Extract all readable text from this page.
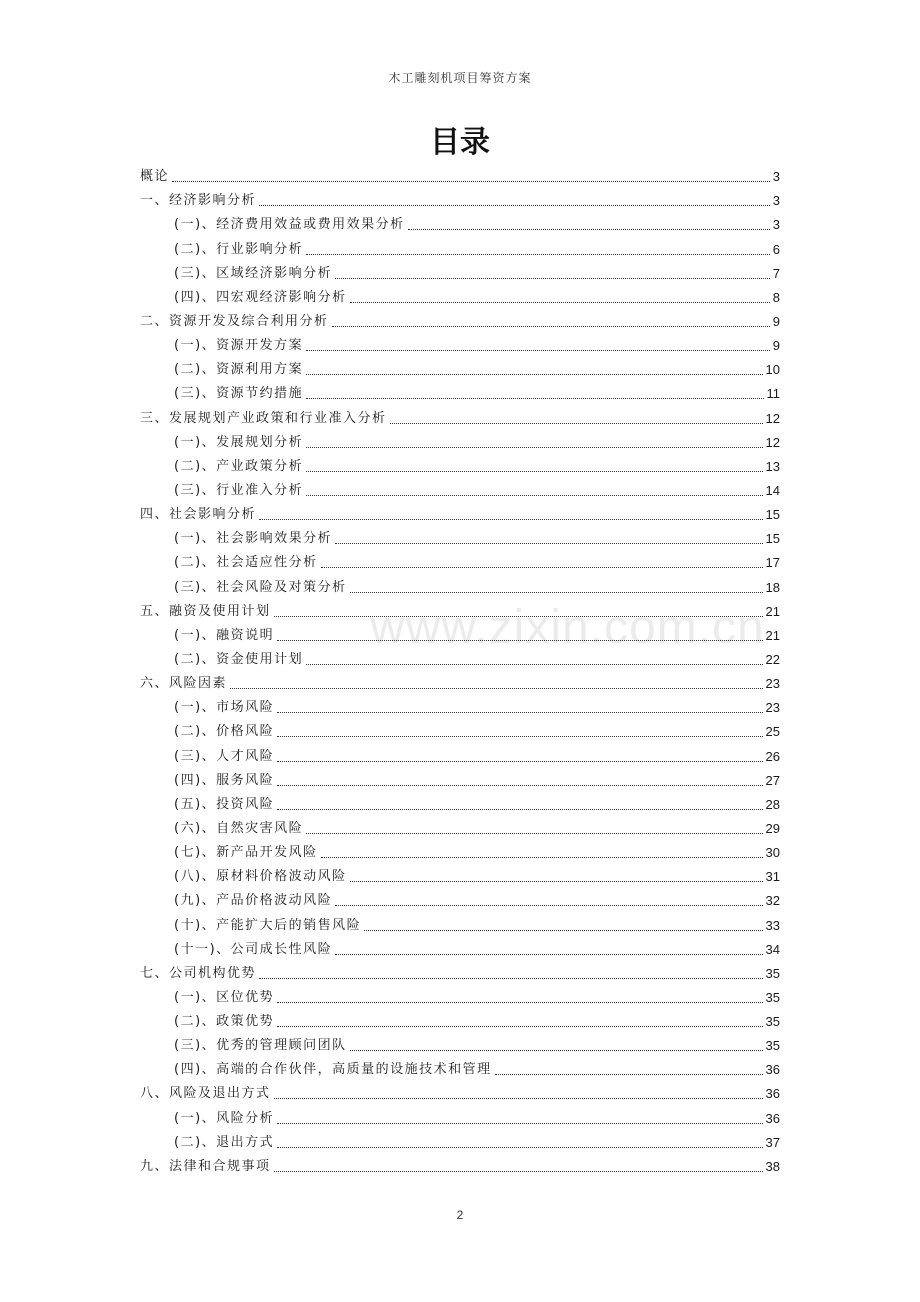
木工雕刻机项目筹资方案
目录
概论	3
一、经济影响分析	3
(一)、经济费用效益或费用效果分析	3
(二)、行业影响分析	6
(三)、区域经济影响分析	7
(四)、四宏观经济影响分析	8
二、资源开发及综合利用分析	9
(一)、资源开发方案	9
(二)、资源利用方案	10
(三)、资源节约措施	11
三、发展规划产业政策和行业准入分析	12
(一)、发展规划分析	12
(二)、产业政策分析	13
(三)、行业准入分析	14
四、社会影响分析	15
(一)、社会影响效果分析	15
(二)、社会适应性分析	17
(三)、社会风险及对策分析	18
五、融资及使用计划	21
(一)、融资说明	21
(二)、资金使用计划	22
六、风险因素	23
(一)、市场风险	23
(二)、价格风险	25
(三)、人才风险	26
(四)、服务风险	27
(五)、投资风险	28
(六)、自然灾害风险	29
(七)、新产品开发风险	30
(八)、原材料价格波动风险	31
(九)、产品价格波动风险	32
(十)、产能扩大后的销售风险	33
(十一)、公司成长性风险	34
七、公司机构优势	35
(一)、区位优势	35
(二)、政策优势	35
(三)、优秀的管理顾问团队	35
(四)、高端的合作伙伴，高质量的设施技术和管理	36
八、风险及退出方式	36
(一)、风险分析	36
(二)、退出方式	37
九、法律和合规事项	38
www.zixin.com.cn
2
